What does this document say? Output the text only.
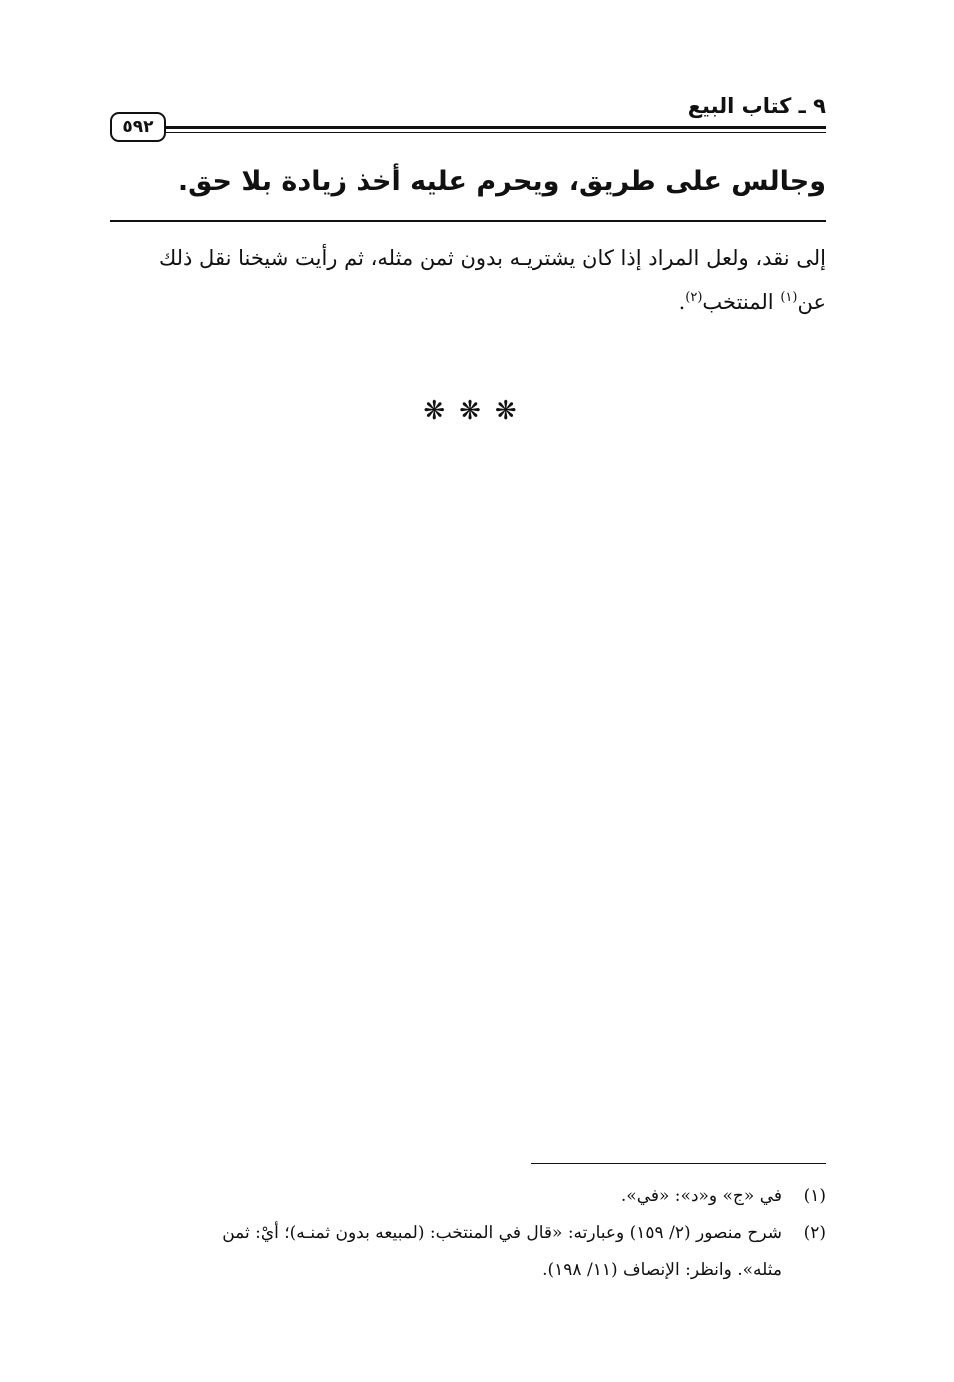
٩ ـ كتاب البيع
٥٩٢
وجالس على طريق، ويحرم عليه أخذ زيادة بلا حق.

إلى نقد، ولعل المراد إذا كان يشتريـه بدون ثمن مثله، ثم رأيت شيخنا نقل ذلك

عن$^{(١)}$ المنتخب$^{(٢)}$.

❋❋❋
(١)
في «ج» و«د»: «في».
(٢)
شرح منصور (٢/ ١٥٩) وعبارته: «قال في المنتخب: (لمبيعه بدون ثمنـه)؛ أيْ: ثمن
مثله». وانظر: الإنصاف (١١/ ١٩٨).
